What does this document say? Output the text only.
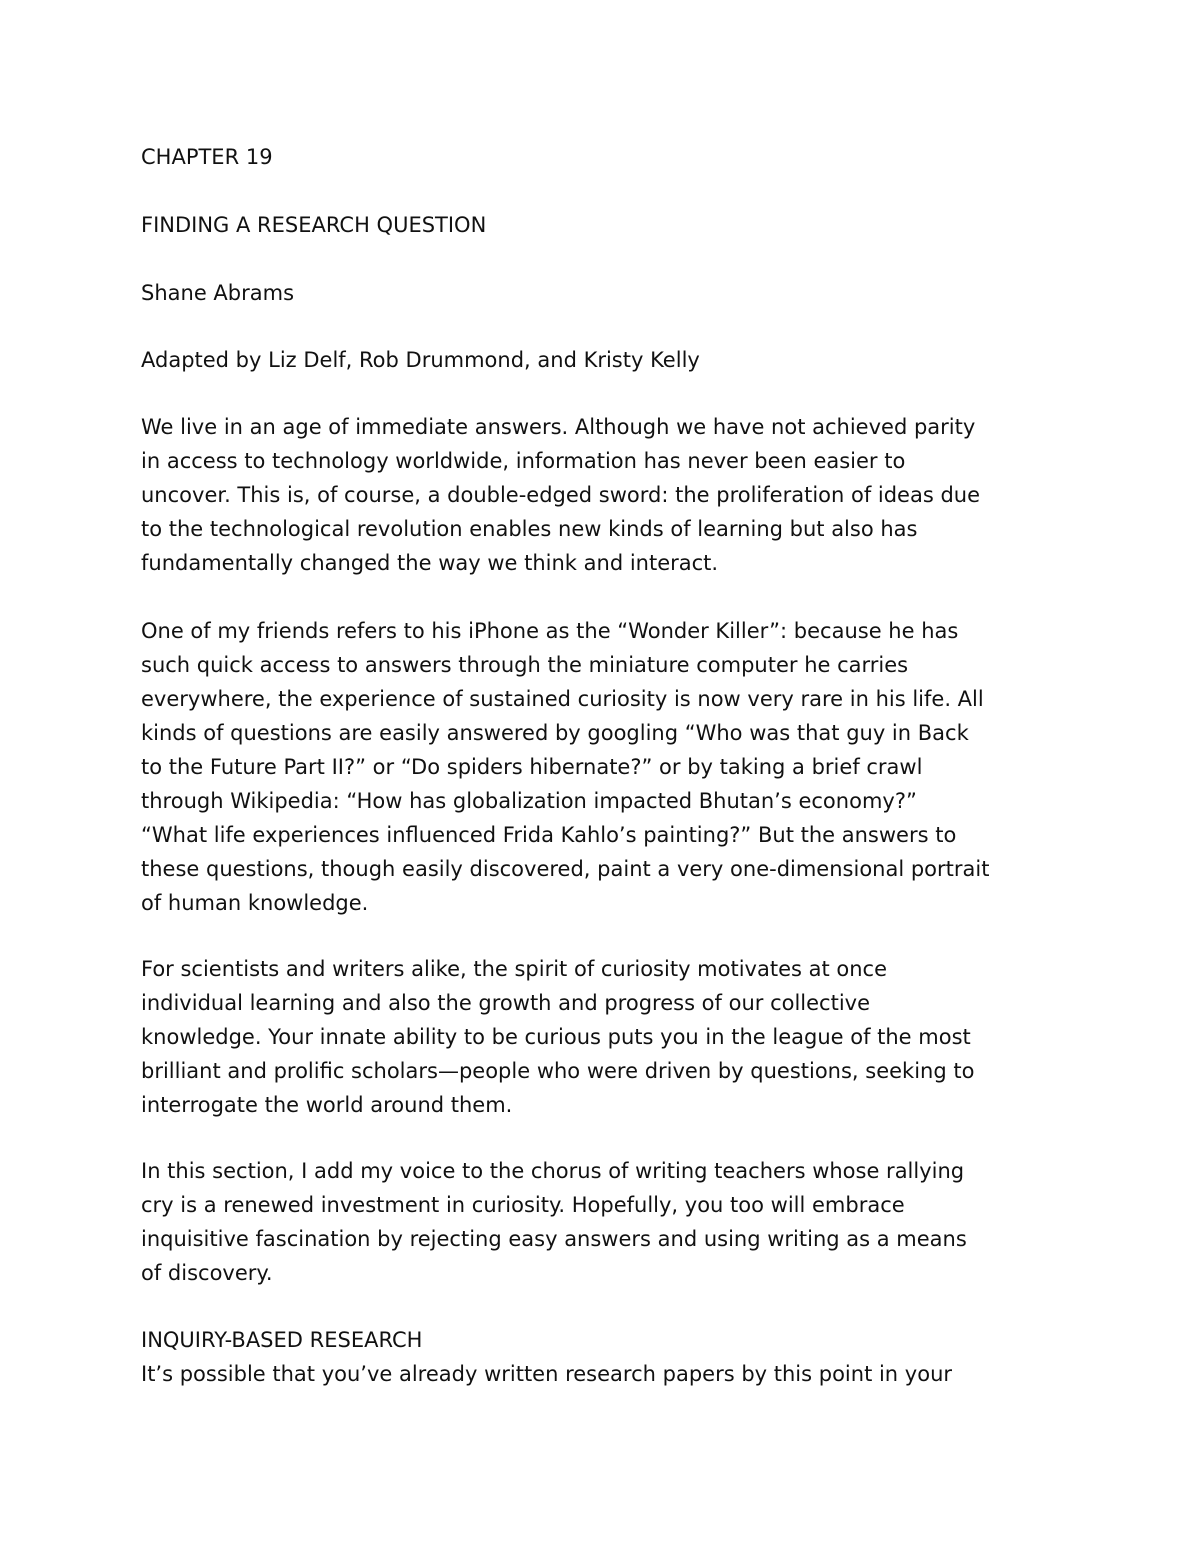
CHAPTER 19

FINDING A RESEARCH QUESTION

Shane Abrams

Adapted by Liz Delf, Rob Drummond, and Kristy Kelly

We live in an age of immediate answers. Although we have not achieved parity
in access to technology worldwide, information has never been easier to
uncover. This is, of course, a double-edged sword: the proliferation of ideas due
to the technological revolution enables new kinds of learning but also has
fundamentally changed the way we think and interact.
One of my friends refers to his iPhone as the “Wonder Killer”: because he has
such quick access to answers through the miniature computer he carries
everywhere, the experience of sustained curiosity is now very rare in his life. All
kinds of questions are easily answered by googling “Who was that guy in Back
to the Future Part II?” or “Do spiders hibernate?” or by taking a brief crawl
through Wikipedia: “How has globalization impacted Bhutan’s economy?”
“What life experiences influenced Frida Kahlo’s painting?” But the answers to
these questions, though easily discovered, paint a very one-dimensional portrait
of human knowledge.
For scientists and writers alike, the spirit of curiosity motivates at once
individual learning and also the growth and progress of our collective
knowledge. Your innate ability to be curious puts you in the league of the most
brilliant and prolific scholars—people who were driven by questions, seeking to
interrogate the world around them.
In this section, I add my voice to the chorus of writing teachers whose rallying
cry is a renewed investment in curiosity. Hopefully, you too will embrace
inquisitive fascination by rejecting easy answers and using writing as a means
of discovery.

INQUIRY-BASED RESEARCH

It’s possible that you’ve already written research papers by this point in your
